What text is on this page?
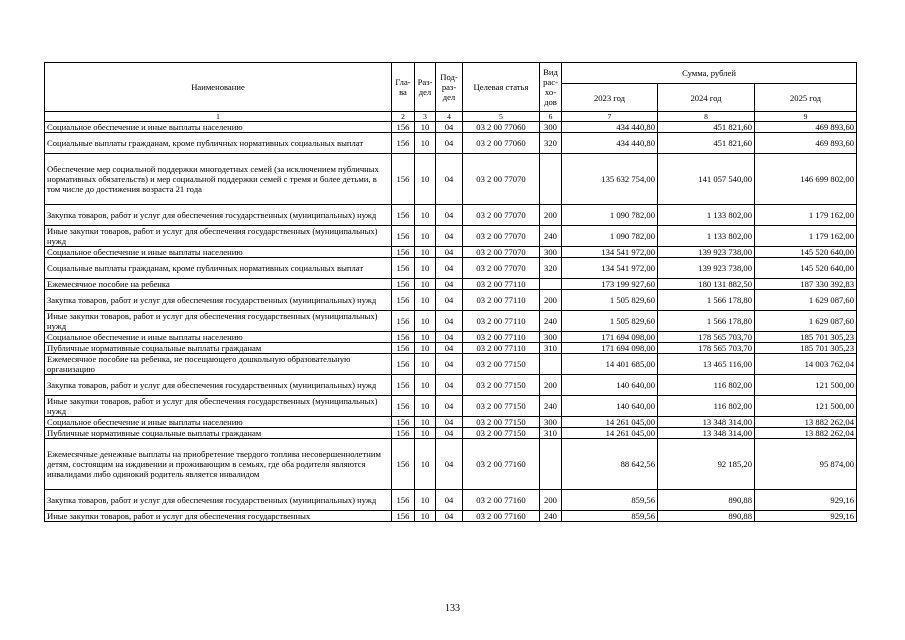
Наименование	Гла-ва	Раз-дел	Под-раз-дел	Целевая статья	Вид рас-хо-дов	Сумма, рублей		
						2023 год	2024 год	2025 год
1	2	3	4	5	6	7	8	9
Социальное обеспечение и иные выплаты населению	156	10	04	03 2 00 77060	300	434 440,80	451 821,60	469 893,60
Социальные выплаты гражданам, кроме публичных нормативных социальных выплат	156	10	04	03 2 00 77060	320	434 440,80	451 821,60	469 893,60
Обеспечение мер социальной поддержки многодетных семей (за исключением публичных нормативных обязательств) и мер социальной поддержки семей с тремя и более детьми, в том числе до достижения возраста 21 года	156	10	04	03 2 00 77070		135 632 754,00	141 057 540,00	146 699 802,00
Закупка товаров, работ и услуг для обеспечения государственных (муниципальных) нужд	156	10	04	03 2 00 77070	200	1 090 782,00	1 133 802,00	1 179 162,00
Иные закупки товаров, работ и услуг для обеспечения государственных (муниципальных) нужд	156	10	04	03 2 00 77070	240	1 090 782,00	1 133 802,00	1 179 162,00
Социальное обеспечение и иные выплаты населению	156	10	04	03 2 00 77070	300	134 541 972,00	139 923 738,00	145 520 640,00
Социальные выплаты гражданам, кроме публичных нормативных социальных выплат	156	10	04	03 2 00 77070	320	134 541 972,00	139 923 738,00	145 520 640,00
Ежемесячное пособие на ребенка	156	10	04	03 2 00 77110		173 199 927,60	180 131 882,50	187 330 392,83
Закупка товаров, работ и услуг для обеспечения государственных (муниципальных) нужд	156	10	04	03 2 00 77110	200	1 505 829,60	1 566 178,80	1 629 087,60
Иные закупки товаров, работ и услуг для обеспечения государственных (муниципальных) нужд	156	10	04	03 2 00 77110	240	1 505 829,60	1 566 178,80	1 629 087,60
Социальное обеспечение и иные выплаты населению	156	10	04	03 2 00 77110	300	171 694 098,00	178 565 703,70	185 701 305,23
Публичные нормативные социальные выплаты гражданам	156	10	04	03 2 00 77110	310	171 694 098,00	178 565 703,70	185 701 305,23
Ежемесячное пособие на ребенка, не посещающего дошкольную образовательную организацию	156	10	04	03 2 00 77150		14 401 685,00	13 465 116,00	14 003 762,04
Закупка товаров, работ и услуг для обеспечения государственных (муниципальных) нужд	156	10	04	03 2 00 77150	200	140 640,00	116 802,00	121 500,00
Иные закупки товаров, работ и услуг для обеспечения государственных (муниципальных) нужд	156	10	04	03 2 00 77150	240	140 640,00	116 802,00	121 500,00
Социальное обеспечение и иные выплаты населению	156	10	04	03 2 00 77150	300	14 261 045,00	13 348 314,00	13 882 262,04
Публичные нормативные социальные выплаты гражданам	156	10	04	03 2 00 77150	310	14 261 045,00	13 348 314,00	13 882 262,04
Ежемесячные денежные выплаты на приобретение твердого топлива несовершеннолетним детям, состоящим на иждивении и проживающим в семьях, где оба родителя являются инвалидами либо одинокий родитель является инвалидом	156	10	04	03 2 00 77160		88 642,56	92 185,20	95 874,00
Закупка товаров, работ и услуг для обеспечения государственных (муниципальных) нужд	156	10	04	03 2 00 77160	200	859,56	890,88	929,16
Иные закупки товаров, работ и услуг для обеспечения государственных	156	10	04	03 2 00 77160	240	859,56	890,88	929,16
133
